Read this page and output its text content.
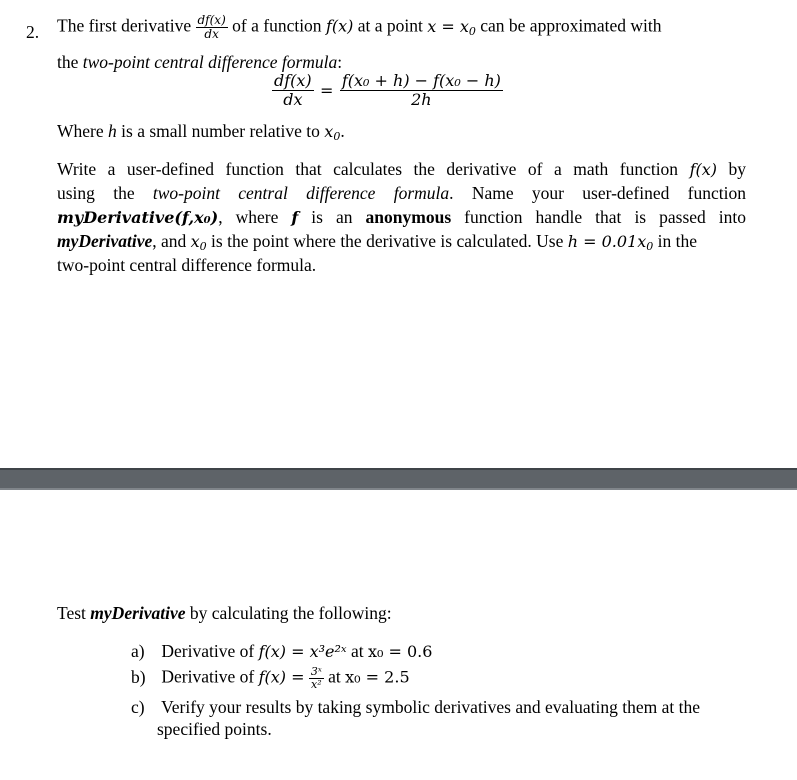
2. The first derivative $\frac{df(x)}{dx}$ of a function f(x) at a point $x = x_0$ can be approximated with
the two-point central difference formula:
$\frac{df(x)}{dx} = \frac{\text{f(x₀ + h) − f(x₀ − h)}}{2h}$
Where h is a small number relative to $x_0$.
Write a user-defined function that calculates the derivative of a math function f(x) by
using the two-point central difference formula. Name your user-defined function
myDerivative(f,x₀), where f is an anonymous function handle that is passed into
myDerivative, and $x_0$ is the point where the derivative is calculated. Use $h = 0.01x_0$ in the
two-point central difference formula.
Test myDerivative by calculating the following:
a) Derivative of f(x) = x³e²ˣ at x₀ = 0.6
b) Derivative of $f(x) = \frac{\text{3ˣ}}{\text{x²}}$ at x₀ = 2.5
c) Verify your results by taking symbolic derivatives and evaluating them at the
specified points.
